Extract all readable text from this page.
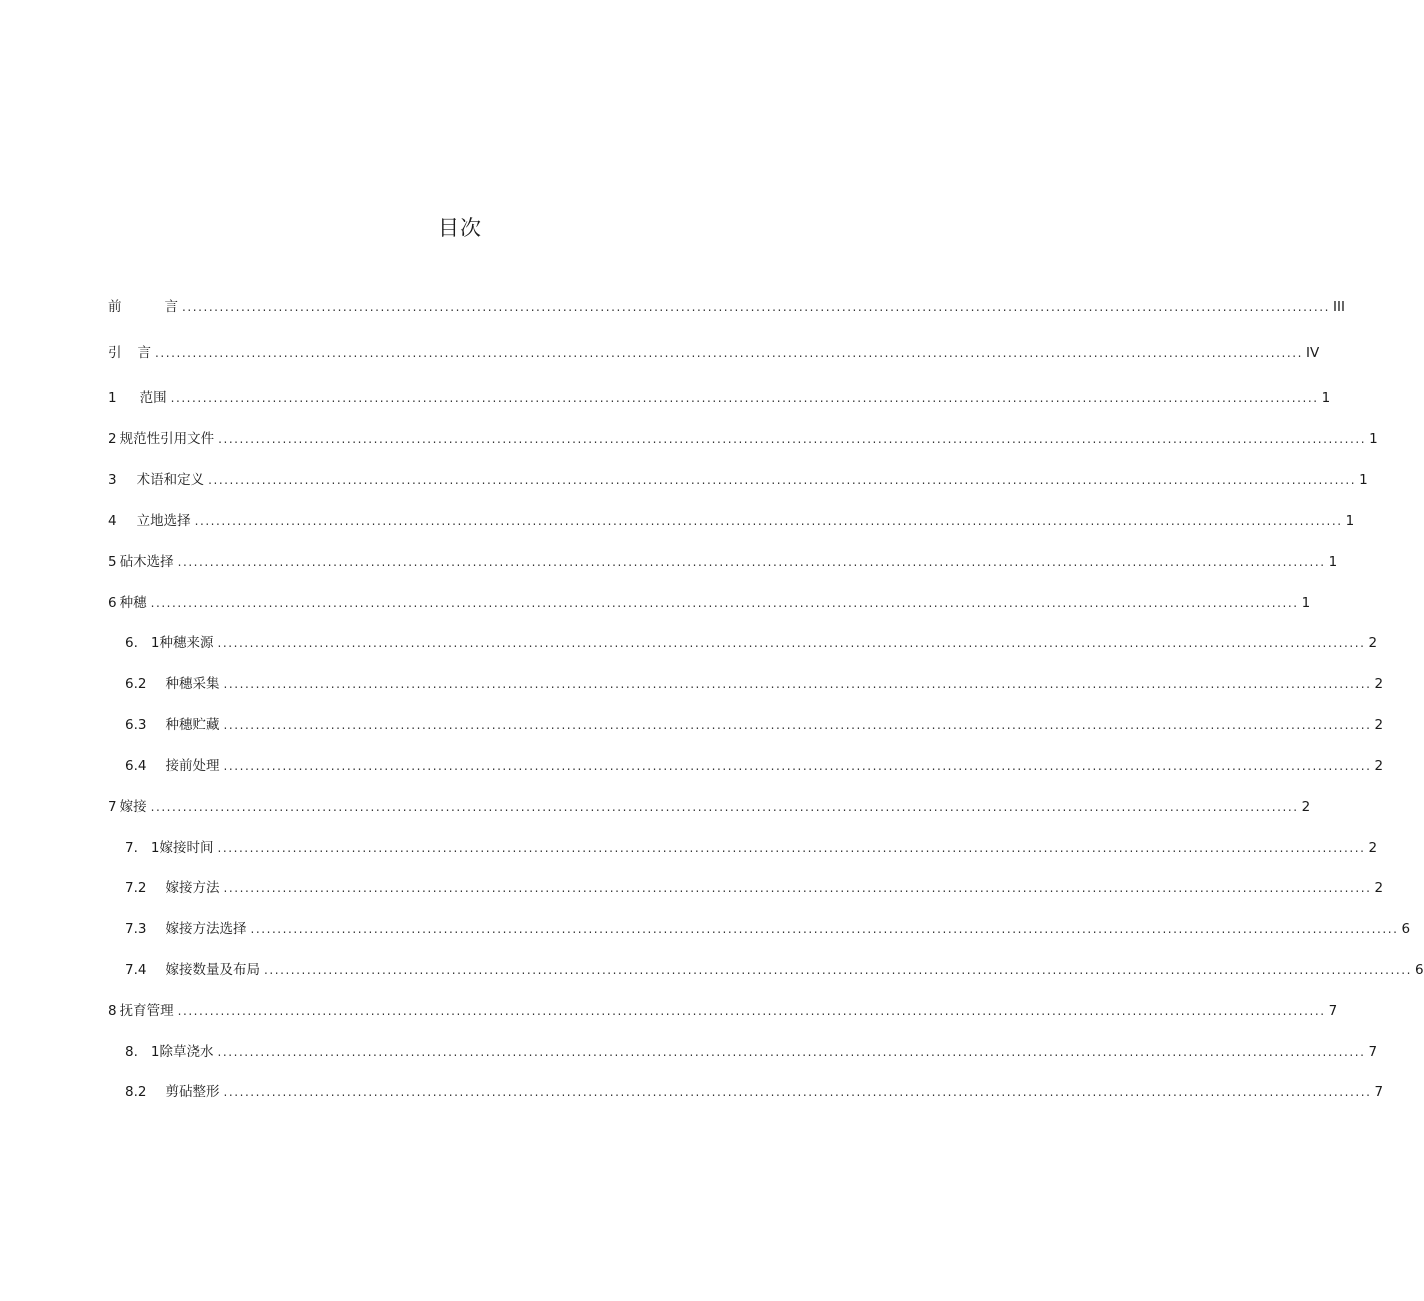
目次
前	言 ...................................................................................................................................................................................................................... III
引 言 ...................................................................................................................................................................................................................... IV
1 范围 ...................................................................................................................................................................................................................... 1
2 规范性引用文件 ...................................................................................................................................................................................................................... 1
3 术语和定义 ...................................................................................................................................................................................................................... 1
4 立地选择 ...................................................................................................................................................................................................................... 1
5 砧木选择 ...................................................................................................................................................................................................................... 1
6 种穗 ...................................................................................................................................................................................................................... 1
6. 1种穗来源 ...................................................................................................................................................................................................................... 2
6.2 种穗采集 ...................................................................................................................................................................................................................... 2
6.3 种穗贮藏 ...................................................................................................................................................................................................................... 2
6.4 接前处理 ...................................................................................................................................................................................................................... 2
7 嫁接 ...................................................................................................................................................................................................................... 2
7. 1嫁接时间 ...................................................................................................................................................................................................................... 2
7.2 嫁接方法 ...................................................................................................................................................................................................................... 2
7.3 嫁接方法选择 ...................................................................................................................................................................................................................... 6
7.4 嫁接数量及布局 ...................................................................................................................................................................................................................... 6
8 抚育管理 ...................................................................................................................................................................................................................... 7
8. 1除草浇水 ...................................................................................................................................................................................................................... 7
8.2 剪砧整形 ...................................................................................................................................................................................................................... 7
